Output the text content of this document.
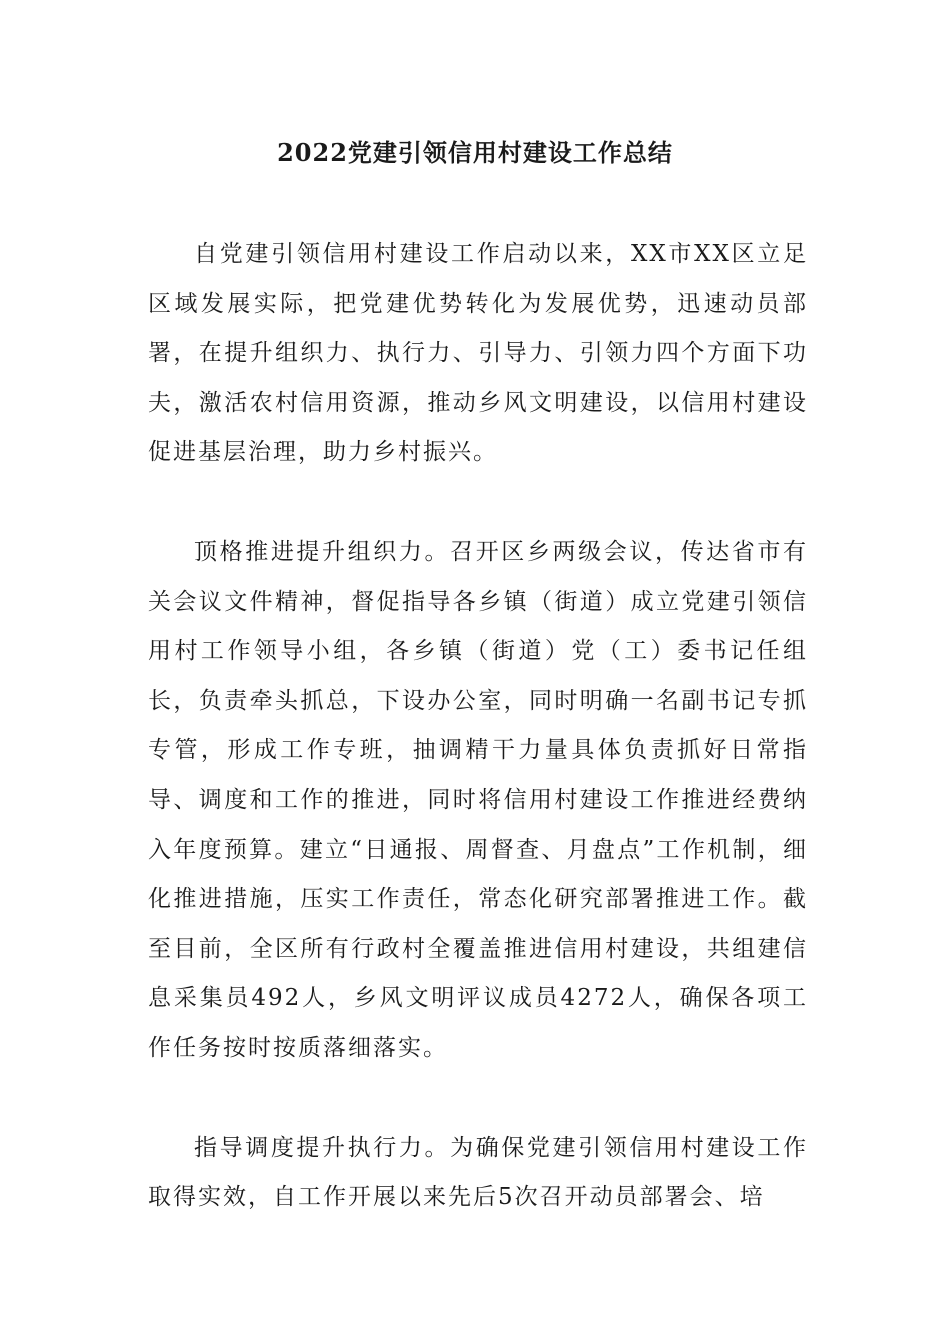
2022党建引领信用村建设工作总结

自党建引领信用村建设工作启动以来，XX市XX区立足区域发展实际，把党建优势转化为发展优势，迅速动员部署，在提升组织力、执行力、引导力、引领力四个方面下功夫，激活农村信用资源，推动乡风文明建设，以信用村建设促进基层治理，助力乡村振兴。

顶格推进提升组织力。召开区乡两级会议，传达省市有关会议文件精神，督促指导各乡镇（街道）成立党建引领信用村工作领导小组，各乡镇（街道）党（工）委书记任组长，负责牵头抓总，下设办公室，同时明确一名副书记专抓专管，形成工作专班，抽调精干力量具体负责抓好日常指导、调度和工作的推进，同时将信用村建设工作推进经费纳入年度预算。建立“日通报、周督查、月盘点”工作机制，细化推进措施，压实工作责任，常态化研究部署推进工作。截至目前，全区所有行政村全覆盖推进信用村建设，共组建信息采集员492人，乡风文明评议成员4272人，确保各项工作任务按时按质落细落实。

指导调度提升执行力。为确保党建引领信用村建设工作取得实效，自工作开展以来先后5次召开动员部署会、培
